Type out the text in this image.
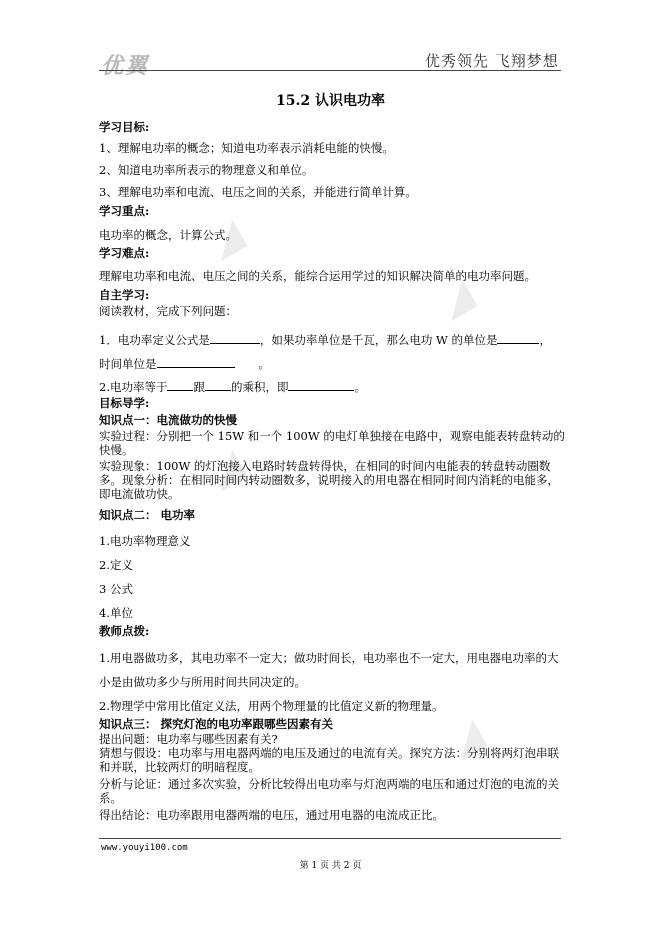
◢
◢
◢
◢
优翼	优秀领先 飞翔梦想
15.2 认识电功率
学习目标:
1、理解电功率的概念；知道电功率表示消耗电能的快慢。
2、知道电功率所表示的物理意义和单位。
3、理解电功率和电流、电压之间的关系，并能进行简单计算。
学习重点:
电功率的概念，计算公式。
学习难点:
理解电功率和电流、电压之间的关系，能综合运用学过的知识解决简单的电功率问题。
自主学习:
阅读教材，完成下列问题：
1．电功率定义公式是	，如果功率单位是千瓦，那么电功 W 的单位是	，
时间单位是	。
2.电功率等于 跟 的乘积，即	。
目标导学:
知识点一：电流做功的快慢
实验过程：分别把一个 15W 和一个 100W 的电灯单独接在电路中，观察电能表转盘转动的快慢。
实验现象：100W 的灯泡接入电路时转盘转得快，在相同的时间内电能表的转盘转动圈数多。现象分析：在相同时间内转动圈数多，说明接入的用电器在相同时间内消耗的电能多，即电流做功快。
知识点二： 电功率
1.电功率物理意义
2.定义
3 公式
4.单位
教师点拨:
1.用电器做功多，其电功率不一定大；做功时间长，电功率也不一定大，用电器电功率的大
小是由做功多少与所用时间共同决定的。
2.物理学中常用比值定义法，用两个物理量的比值定义新的物理量。
知识点三： 探究灯泡的电功率跟哪些因素有关
提出问题：电功率与哪些因素有关?
猜想与假设：电功率与用电器两端的电压及通过的电流有关。探究方法：分别将两灯泡串联和并联，比较两灯的明暗程度。
分析与论证：通过多次实验，分析比较得出电功率与灯泡两端的电压和通过灯泡的电流的关系。
得出结论：电功率跟用电器两端的电压，通过用电器的电流成正比。
www.youyi100.com
第 1 页 共 2 页
